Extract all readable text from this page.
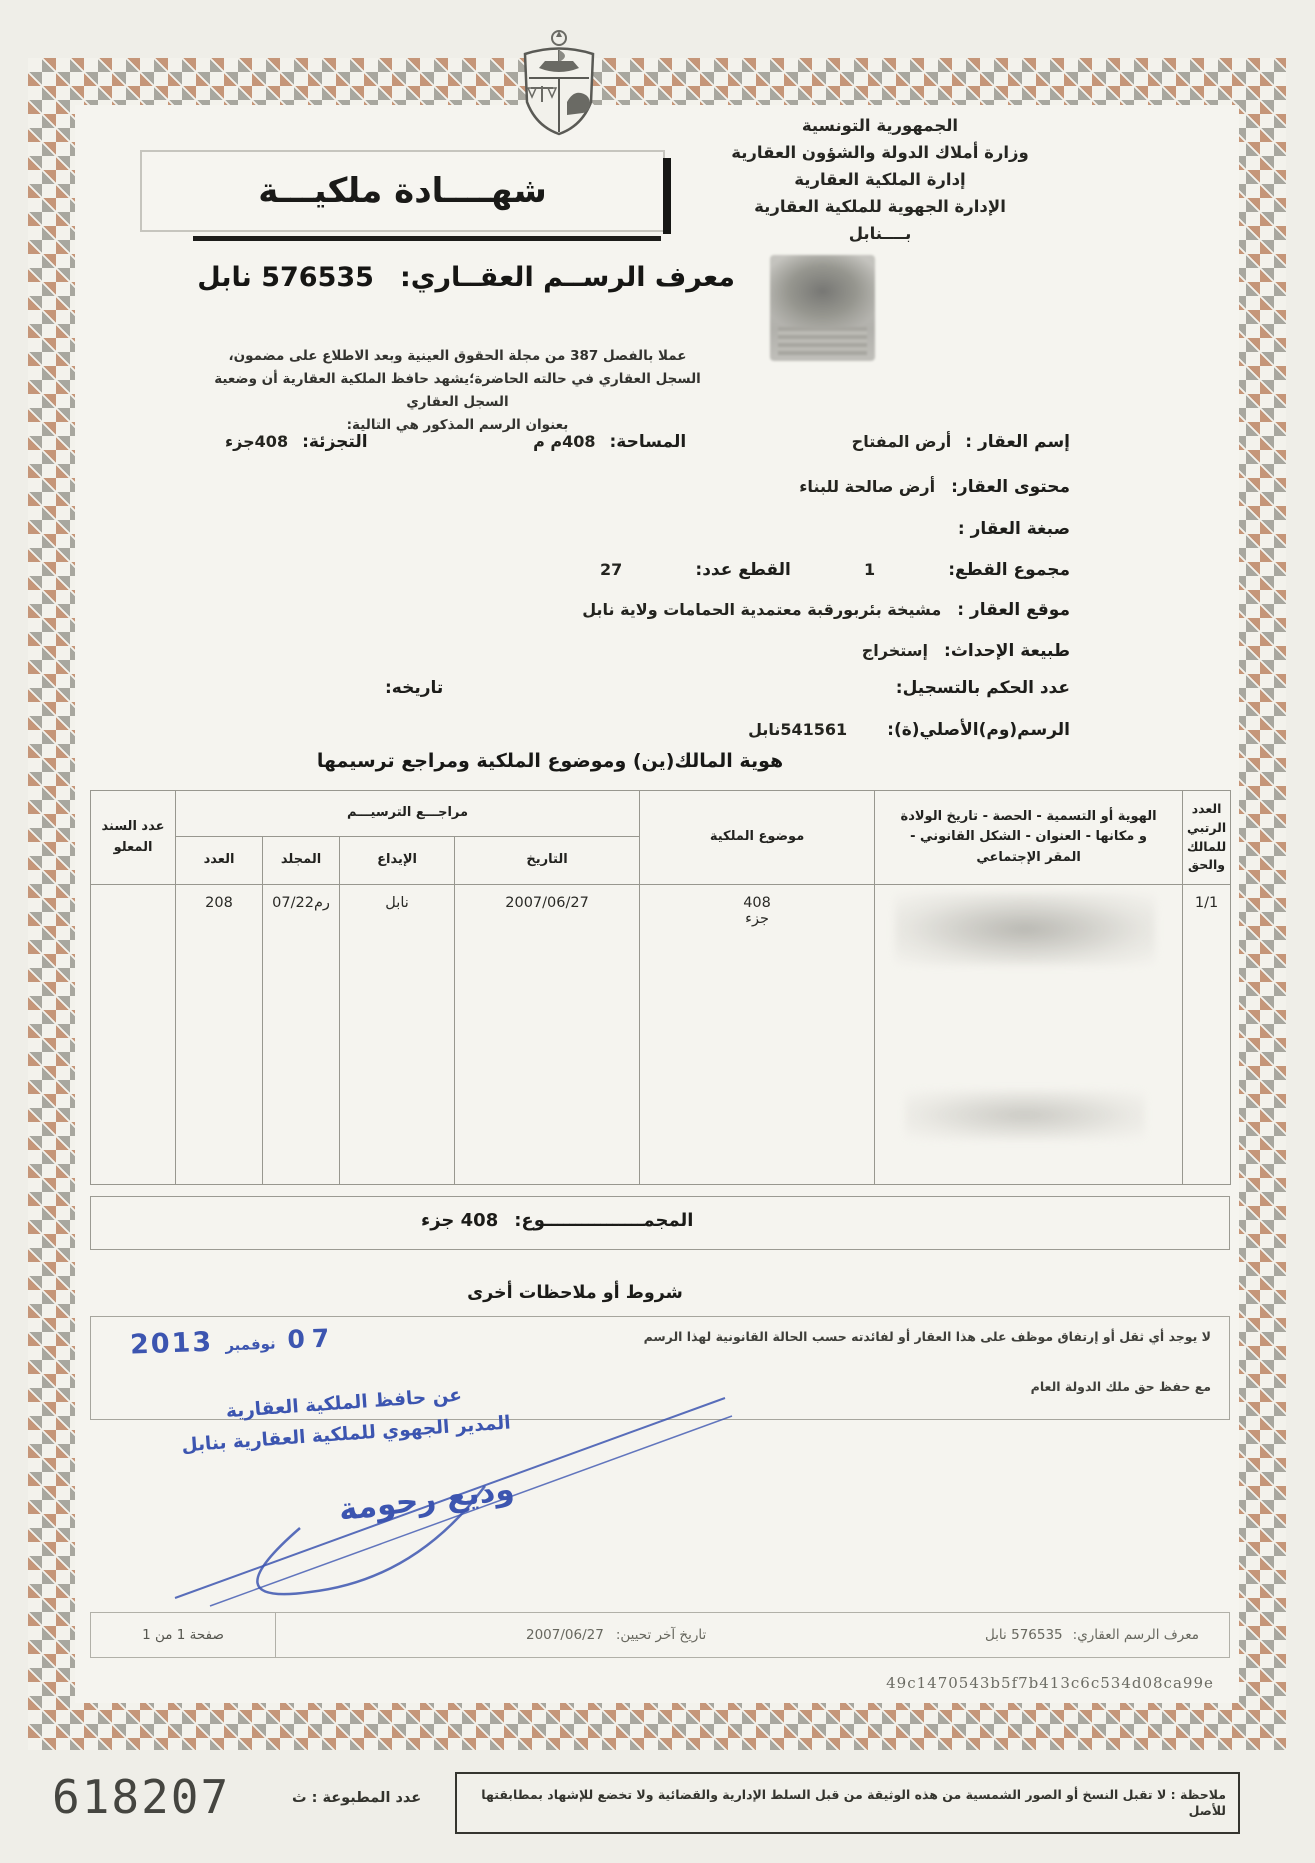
الجمهورية التونسية
وزارة أملاك الدولة والشؤون العقارية
إدارة الملكية العقارية
الإدارة الجهوية للملكية العقارية
بــــنابل
شهــــادة ملكيـــة
معرف الرســم العقــاري:
576535 نابل
عملا بالفصل 387 من مجلة الحقوق العينية وبعد الاطلاع على مضمون،
السجل العقاري في حالته الحاضرة؛يشهد حافظ الملكية العقارية أن وضعية السجل العقاري
بعنوان الرسم المذكور هي التالية:
إسم العقار :
أرض المفتاح
المساحة:
408م م
التجزئة:
408جزء
محتوى العقار:
أرض صالحة للبناء
صبغة العقار :
مجموع القطع:
1
القطع عدد:
27
موقع العقار :
مشيخة بئربورقبة معتمدية الحمامات ولاية نابل
طبيعة الإحداث:
إستخراج
عدد الحكم بالتسجيل:
تاريخه:
الرسم(وم)الأصلي(ة):
541561نابل
هوية المالك(ين) وموضوع الملكية ومراجع ترسيمها
العدد الرتبي للمالك والحق	الهوية أو التسمية - الحصة - تاريخ الولادة و مكانها - العنوان - الشكل القانوني - المقر الإجتماعي	موضوع الملكية	مراجـــع الترسيـــم				عدد السند المعلو
			التاريخ	الإيداع	المجلد	العدد	
1/1		408
جزء	2007/06/27	نابل	رم07/22	208	
المجمــــــــــــــــوع:
408 جزء
شروط أو ملاحظات أخرى
لا يوجد أي ثقل أو إرتفاق موظف على هذا العقار أو لفائدته حسب الحالة القانونية لهذا الرسم
مع حفظ حق ملك الدولة العام
07
نوفمبر
2013
عن حافظ الملكية العقارية
المدير الجهوي للملكية العقارية بنابل
وديع رحومة
صفحة 1 من 1	تاريخ آخر تحيين:
2007/06/27	معرف الرسم العقاري:
576535 نابل
49c1470543b5f7b413c6c534d08ca99e
ملاحظة : لا تقبل النسخ أو الصور الشمسية من هذه الوثيقة من قبل السلط الإدارية والقضائية ولا تخضع للإشهاد بمطابقتها للأصل
عدد المطبوعة : ث
618207
